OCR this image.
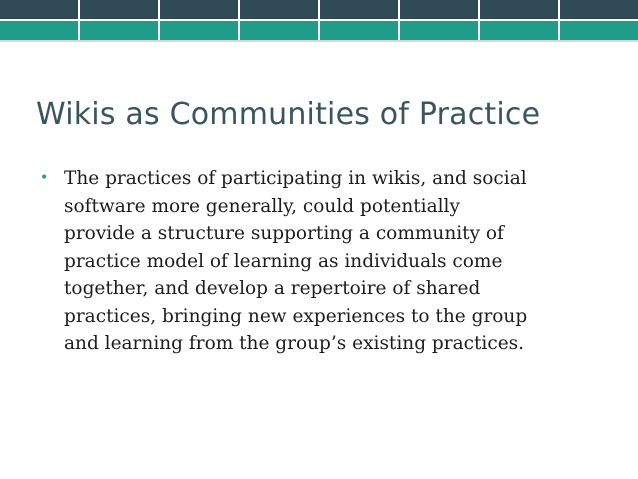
Wikis as Communities of Practice
• The practices of participating in wikis, and social
software more generally, could potentially
provide a structure supporting a community of
practice model of learning as individuals come
together, and develop a repertoire of shared
practices, bringing new experiences to the group
and learning from the group’s existing practices.
